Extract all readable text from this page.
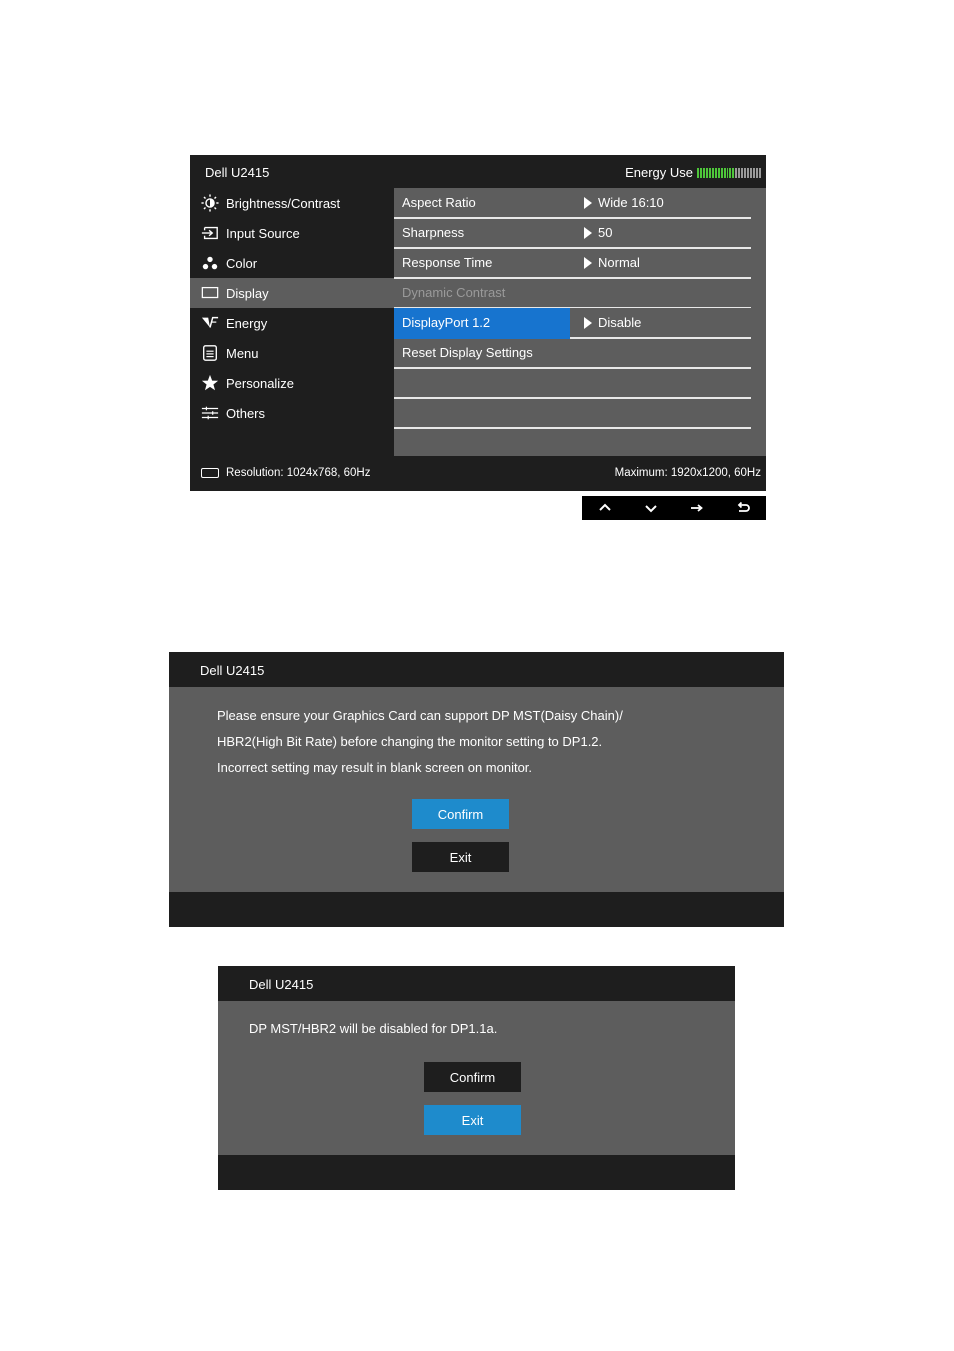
Dell U2415	Energy Use
Brightness/Contrast
Input Source
Color
Display
Energy
Menu
Personalize
Others
Aspect Ratio	Wide 16:10
Sharpness	50
Response Time	Normal
Dynamic Contrast
DisplayPort 1.2	Disable
Reset Display Settings
Resolution: 1024x768, 60Hz	Maximum: 1920x1200, 60Hz
Dell U2415
Please ensure your Graphics Card can support DP MST(Daisy Chain)/
HBR2(High Bit Rate) before changing the monitor setting to DP1.2.
Incorrect setting may result in blank screen on monitor.
Confirm
Exit
Dell U2415
DP MST/HBR2 will be disabled for DP1.1a.
Confirm
Exit
